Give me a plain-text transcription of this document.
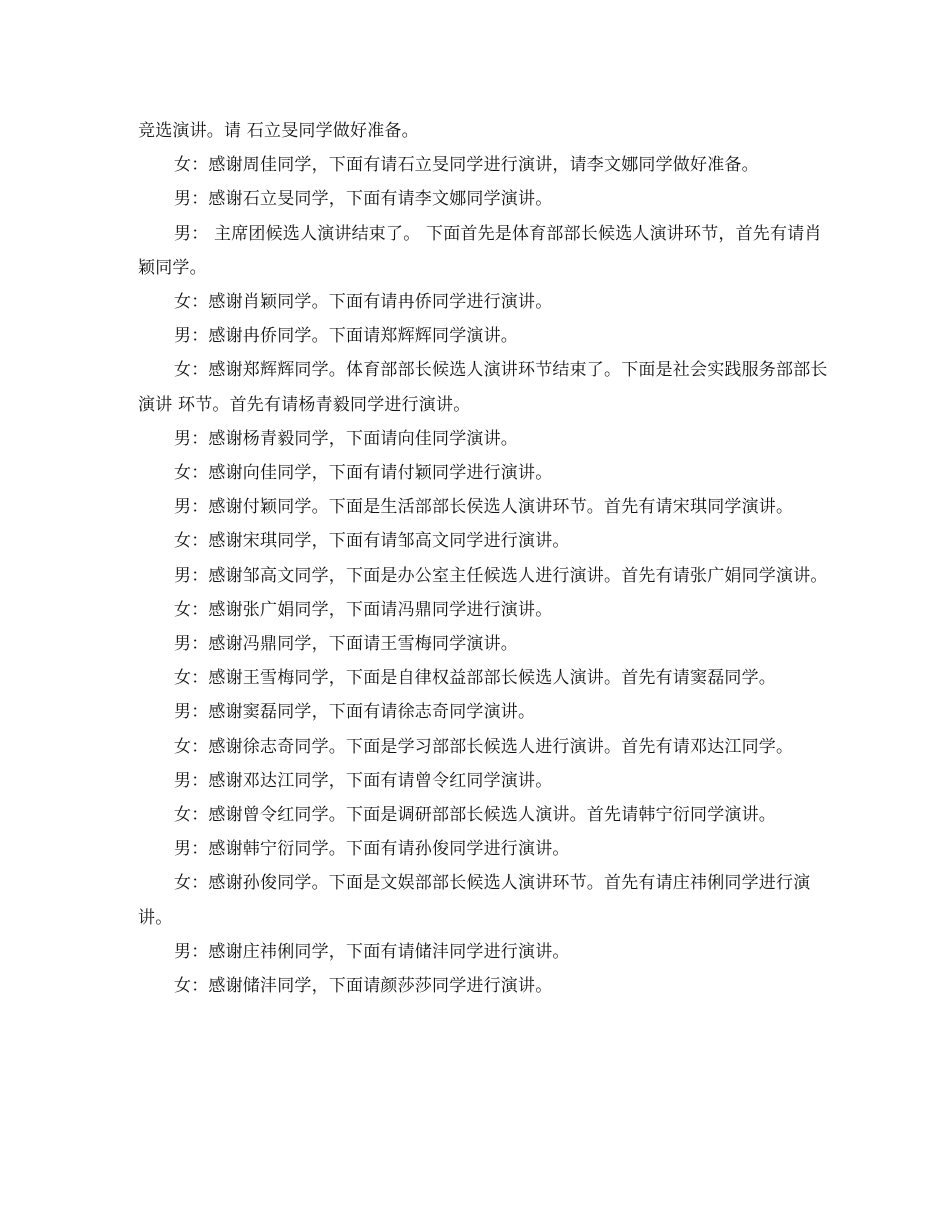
竞选演讲。请 石立旻同学做好准备。

女：感谢周佳同学，下面有请石立旻同学进行演讲，请李文娜同学做好准备。

男：感谢石立旻同学，下面有请李文娜同学演讲。

男： 主席团候选人演讲结束了。 下面首先是体育部部长候选人演讲环节，首先有请肖颖同学。

女：感谢肖颖同学。下面有请冉侨同学进行演讲。

男：感谢冉侨同学。下面请郑辉辉同学演讲。

女：感谢郑辉辉同学。体育部部长候选人演讲环节结束了。下面是社会实践服务部部长演讲 环节。首先有请杨青毅同学进行演讲。

男：感谢杨青毅同学，下面请向佳同学演讲。

女：感谢向佳同学，下面有请付颖同学进行演讲。

男：感谢付颖同学。下面是生活部部长侯选人演讲环节。首先有请宋琪同学演讲。

女：感谢宋琪同学，下面有请邹高文同学进行演讲。

男：感谢邹高文同学，下面是办公室主任候选人进行演讲。首先有请张广娟同学演讲。

女：感谢张广娟同学，下面请冯鼎同学进行演讲。

男：感谢冯鼎同学，下面请王雪梅同学演讲。

女：感谢王雪梅同学，下面是自律权益部部长候选人演讲。首先有请窦磊同学。

男：感谢窦磊同学，下面有请徐志奇同学演讲。

女：感谢徐志奇同学。下面是学习部部长候选人进行演讲。首先有请邓达江同学。

男：感谢邓达江同学，下面有请曾令红同学演讲。

女：感谢曾令红同学。下面是调研部部长候选人演讲。首先请韩宁衍同学演讲。

男：感谢韩宁衍同学。下面有请孙俊同学进行演讲。

女：感谢孙俊同学。下面是文娱部部长候选人演讲环节。首先有请庄祎俐同学进行演讲。

男：感谢庄祎俐同学，下面有请储沣同学进行演讲。

女：感谢储沣同学，下面请颜莎莎同学进行演讲。
